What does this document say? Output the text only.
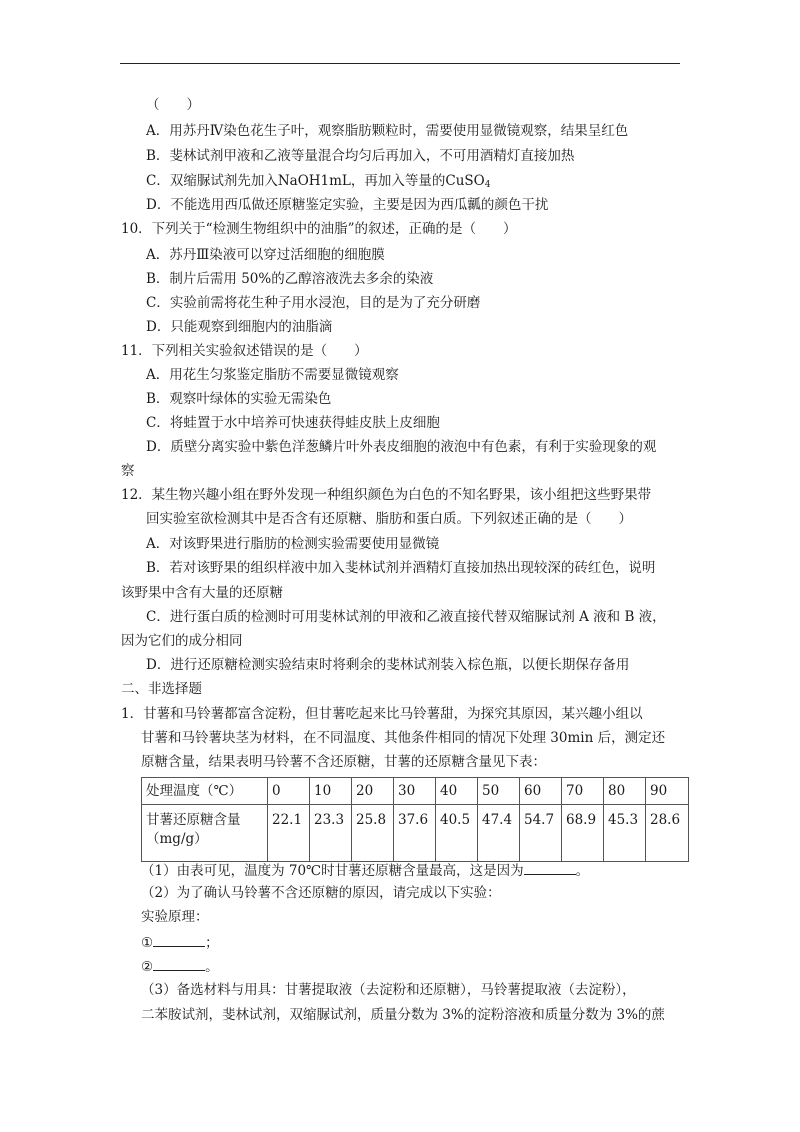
（　　）
A．用苏丹Ⅳ染色花生子叶，观察脂肪颗粒时，需要使用显微镜观察，结果呈红色
B．斐林试剂甲液和乙液等量混合均匀后再加入，不可用酒精灯直接加热
C．双缩脲试剂先加入NaOH1mL，再加入等量的CuSO$_4$
D．不能选用西瓜做还原糖鉴定实验，主要是因为西瓜瓤的颜色干扰
10．下列关于“检测生物组织中的油脂”的叙述，正确的是（　　）
A．苏丹Ⅲ染液可以穿过活细胞的细胞膜
B．制片后需用 50%的乙醇溶液洗去多余的染液
C．实验前需将花生种子用水浸泡，目的是为了充分研磨
D．只能观察到细胞内的油脂滴
11．下列相关实验叙述错误的是（　　）
A．用花生匀浆鉴定脂肪不需要显微镜观察
B．观察叶绿体的实验无需染色
C．将蛙置于水中培养可快速获得蛙皮肤上皮细胞
D．质壁分离实验中紫色洋葱鳞片叶外表皮细胞的液泡中有色素，有利于实验现象的观
察
12．某生物兴趣小组在野外发现一种组织颜色为白色的不知名野果，该小组把这些野果带
回实验室欲检测其中是否含有还原糖、脂肪和蛋白质。下列叙述正确的是（　　）
A．对该野果进行脂肪的检测实验需要使用显微镜
B．若对该野果的组织样液中加入斐林试剂并酒精灯直接加热出现较深的砖红色，说明
该野果中含有大量的还原糖
C．进行蛋白质的检测时可用斐林试剂的甲液和乙液直接代替双缩脲试剂 A 液和 B 液，
因为它们的成分相同
D．进行还原糖检测实验结束时将剩余的斐林试剂装入棕色瓶，以便长期保存备用
二、非选择题
1．甘薯和马铃薯都富含淀粉，但甘薯吃起来比马铃薯甜，为探究其原因，某兴趣小组以
甘薯和马铃薯块茎为材料，在不同温度、其他条件相同的情况下处理 30min 后，测定还
原糖含量，结果表明马铃薯不含还原糖，甘薯的还原糖含量见下表：
处理温度（℃）	0	10	20	30	40	50	60	70	80	90

甘薯还原糖含量
（mg/g）	22.1	23.3	25.8	37.6	40.5	47.4	54.7	68.9	45.3	28.6
（1）由表可见，温度为 70℃时甘薯还原糖含量最高，这是因为	。
（2）为了确认马铃薯不含还原糖的原因，请完成以下实验：
实验原理：
①	；
②	。
（3）备选材料与用具：甘薯提取液（去淀粉和还原糖），马铃薯提取液（去淀粉），
二苯胺试剂，斐林试剂，双缩脲试剂，质量分数为 3%的淀粉溶液和质量分数为 3%的蔗
